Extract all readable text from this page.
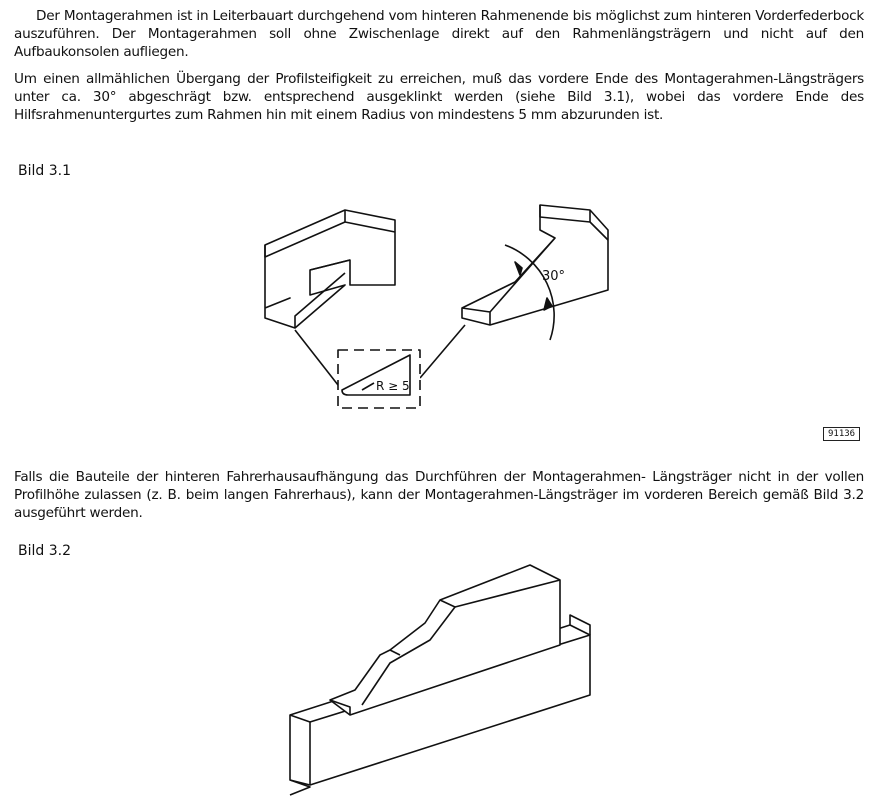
Der Montagerahmen ist in Leiterbauart durchgehend vom hinteren Rahmenende bis möglichst zum hinteren Vorderfederbock auszuführen. Der Montagerahmen soll ohne Zwischenlage direkt auf den Rahmenlängsträgern und nicht auf den Aufbaukonsolen aufliegen.

Um einen allmählichen Übergang der Profilsteifigkeit zu erreichen, muß das vordere Ende des Montagerahmen-Längsträgers unter ca. 30° abgeschrägt bzw. entsprechend ausgeklinkt werden (siehe Bild 3.1), wobei das vordere Ende des Hilfsrahmenuntergurtes zum Rahmen hin mit einem Radius von mindestens 5 mm abzurunden ist.

Bild 3.1

30°
R ≥ 5
91136

Falls die Bauteile der hinteren Fahrerhausaufhängung das Durchführen der Montagerahmen- Längsträger nicht in der vollen Profilhöhe zulassen (z. B. beim langen Fahrerhaus), kann der Montagerahmen-Längsträger im vorderen Bereich gemäß Bild 3.2 ausgeführt werden.

Bild 3.2
